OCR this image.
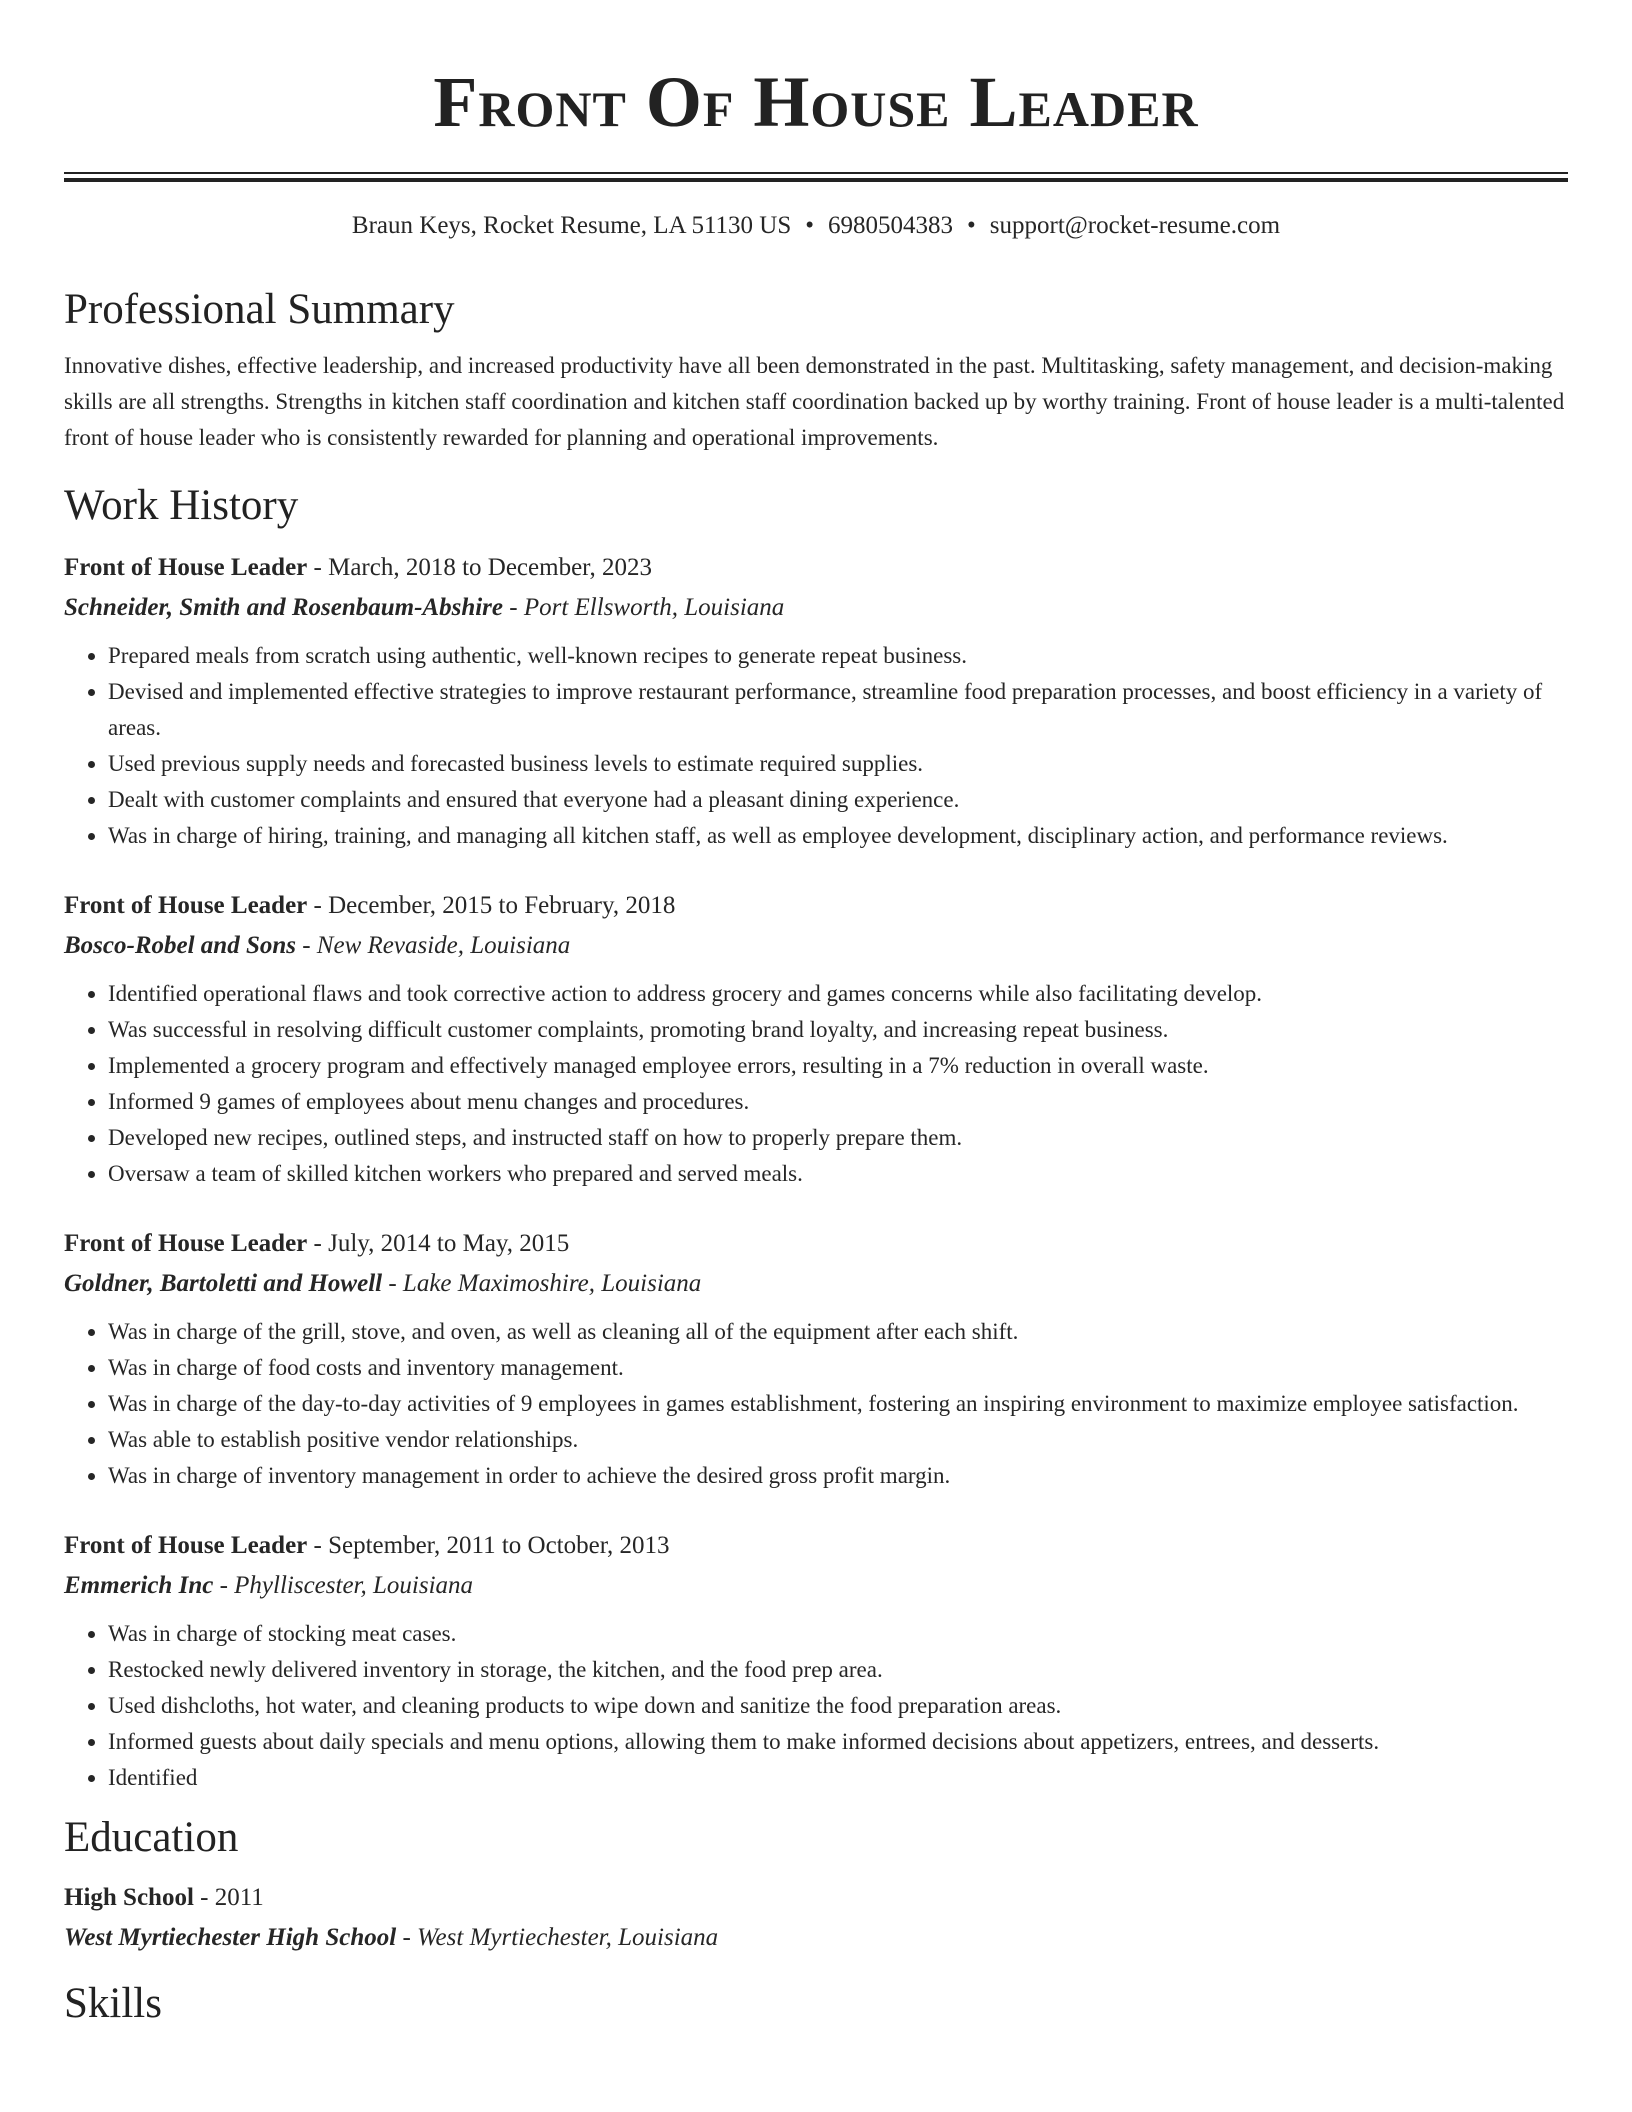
Front Of House Leader
Braun Keys, Rocket Resume, LA 51130 US • 6980504383 • support@rocket-resume.com
Professional Summary
Innovative dishes, effective leadership, and increased productivity have all been demonstrated in the past. Multitasking, safety management, and decision-making skills are all strengths. Strengths in kitchen staff coordination and kitchen staff coordination backed up by worthy training. Front of house leader is a multi-talented front of house leader who is consistently rewarded for planning and operational improvements.
Work History
Front of House Leader - March, 2018 to December, 2023
Schneider, Smith and Rosenbaum-Abshire - Port Ellsworth, Louisiana
• Prepared meals from scratch using authentic, well-known recipes to generate repeat business.
• Devised and implemented effective strategies to improve restaurant performance, streamline food preparation processes, and boost efficiency in a variety of areas.
• Used previous supply needs and forecasted business levels to estimate required supplies.
• Dealt with customer complaints and ensured that everyone had a pleasant dining experience.
• Was in charge of hiring, training, and managing all kitchen staff, as well as employee development, disciplinary action, and performance reviews.
Front of House Leader - December, 2015 to February, 2018
Bosco-Robel and Sons - New Revaside, Louisiana
• Identified operational flaws and took corrective action to address grocery and games concerns while also facilitating develop.
• Was successful in resolving difficult customer complaints, promoting brand loyalty, and increasing repeat business.
• Implemented a grocery program and effectively managed employee errors, resulting in a 7% reduction in overall waste.
• Informed 9 games of employees about menu changes and procedures.
• Developed new recipes, outlined steps, and instructed staff on how to properly prepare them.
• Oversaw a team of skilled kitchen workers who prepared and served meals.
Front of House Leader - July, 2014 to May, 2015
Goldner, Bartoletti and Howell - Lake Maximoshire, Louisiana
• Was in charge of the grill, stove, and oven, as well as cleaning all of the equipment after each shift.
• Was in charge of food costs and inventory management.
• Was in charge of the day-to-day activities of 9 employees in games establishment, fostering an inspiring environment to maximize employee satisfaction.
• Was able to establish positive vendor relationships.
• Was in charge of inventory management in order to achieve the desired gross profit margin.
Front of House Leader - September, 2011 to October, 2013
Emmerich Inc - Phylliscester, Louisiana
• Was in charge of stocking meat cases.
• Restocked newly delivered inventory in storage, the kitchen, and the food prep area.
• Used dishcloths, hot water, and cleaning products to wipe down and sanitize the food preparation areas.
• Informed guests about daily specials and menu options, allowing them to make informed decisions about appetizers, entrees, and desserts.
• Identified
Education
High School - 2011
West Myrtiechester High School - West Myrtiechester, Louisiana
Skills
